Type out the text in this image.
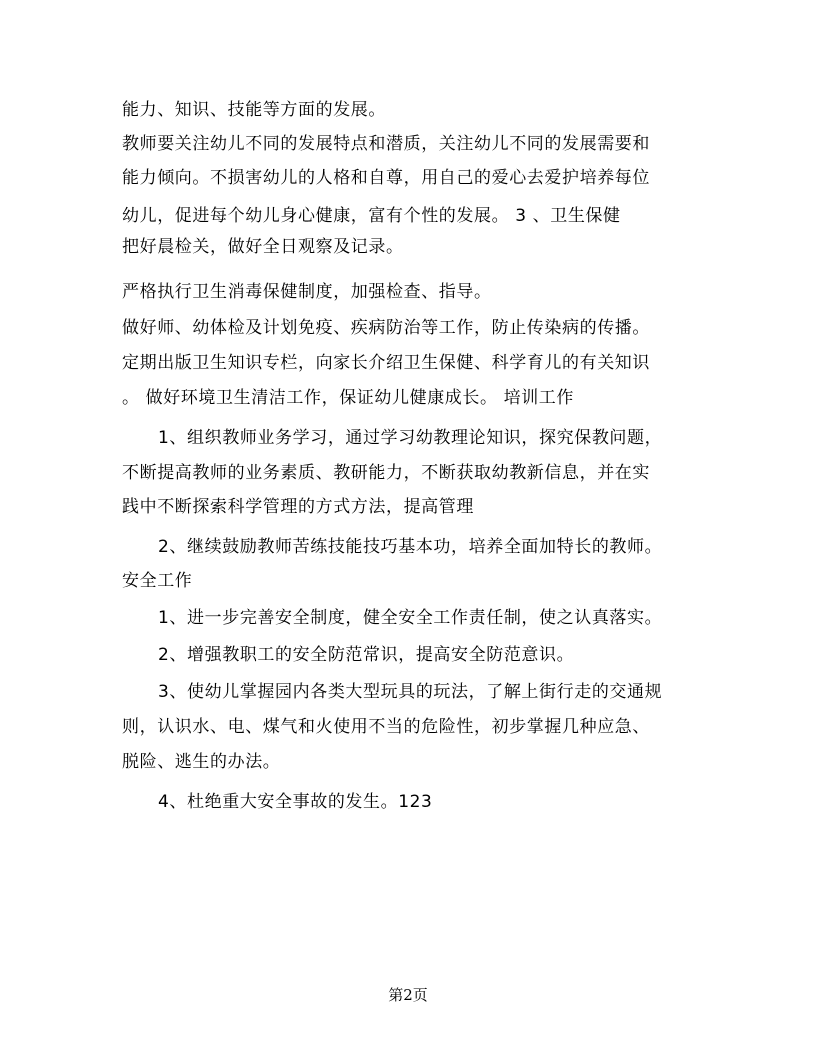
能力、知识、技能等方面的发展。
教师要关注幼儿不同的发展特点和潜质，关注幼儿不同的发展需要和
能力倾向。不损害幼儿的人格和自尊，用自己的爱心去爱护培养每位
幼儿，促进每个幼儿身心健康，富有个性的发展。 3 、卫生保健
把好晨检关，做好全日观察及记录。
严格执行卫生消毒保健制度，加强检查、指导。
做好师、幼体检及计划免疫、疾病防治等工作，防止传染病的传播。
定期出版卫生知识专栏，向家长介绍卫生保健、科学育儿的有关知识
。 做好环境卫生清洁工作，保证幼儿健康成长。 培训工作
1、组织教师业务学习，通过学习幼教理论知识，探究保教问题，
不断提高教师的业务素质、教研能力，不断获取幼教新信息，并在实
践中不断探索科学管理的方式方法，提高管理
2、继续鼓励教师苦练技能技巧基本功，培养全面加特长的教师。
安全工作
1、进一步完善安全制度，健全安全工作责任制，使之认真落实。
2、增强教职工的安全防范常识，提高安全防范意识。
3、使幼儿掌握园内各类大型玩具的玩法，了解上街行走的交通规
则，认识水、电、煤气和火使用不当的危险性，初步掌握几种应急、
脱险、逃生的办法。
4、杜绝重大安全事故的发生。123
第2页
